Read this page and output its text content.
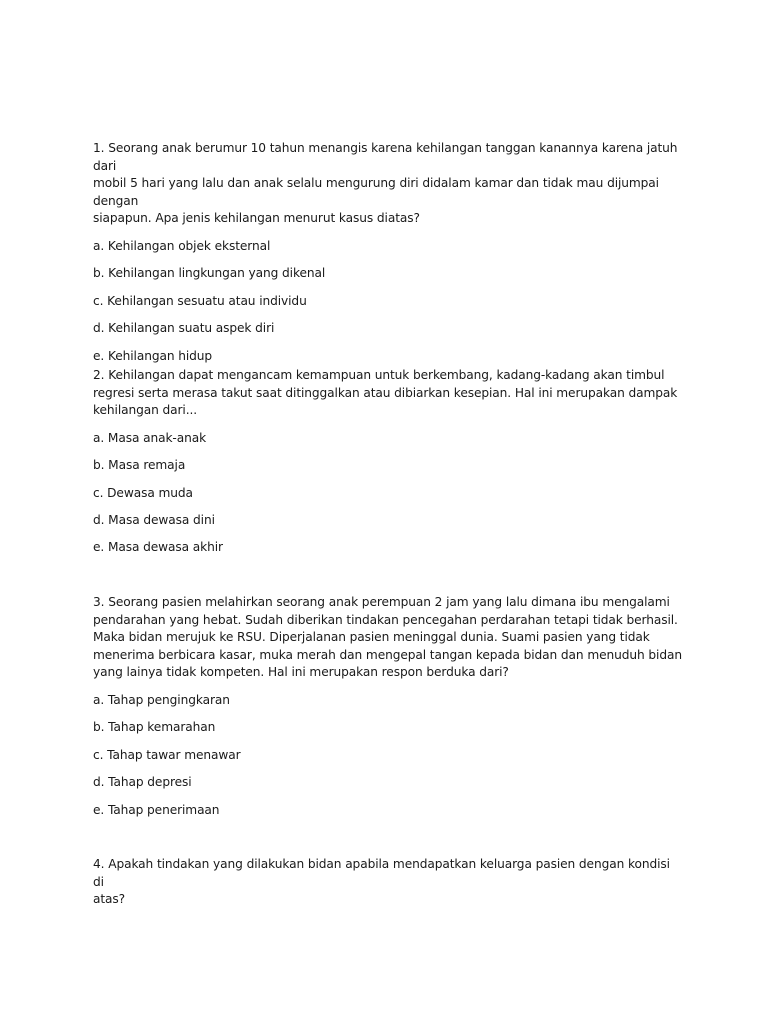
1. Seorang anak berumur 10 tahun menangis karena kehilangan tanggan kanannya karena jatuh dari
mobil 5 hari yang lalu dan anak selalu mengurung diri didalam kamar dan tidak mau dijumpai dengan
siapapun. Apa jenis kehilangan menurut kasus diatas?

a. Kehilangan objek eksternal

b. Kehilangan lingkungan yang dikenal

c. Kehilangan sesuatu atau individu

d. Kehilangan suatu aspek diri

e. Kehilangan hidup

2. Kehilangan dapat mengancam kemampuan untuk berkembang, kadang-kadang akan timbul
regresi serta merasa takut saat ditinggalkan atau dibiarkan kesepian. Hal ini merupakan dampak
kehilangan dari...

a. Masa anak-anak

b. Masa remaja

c. Dewasa muda

d. Masa dewasa dini

e. Masa dewasa akhir

3. Seorang pasien melahirkan seorang anak perempuan 2 jam yang lalu dimana ibu mengalami
pendarahan yang hebat. Sudah diberikan tindakan pencegahan perdarahan tetapi tidak berhasil.
Maka bidan merujuk ke RSU. Diperjalanan pasien meninggal dunia. Suami pasien yang tidak
menerima berbicara kasar, muka merah dan mengepal tangan kepada bidan dan menuduh bidan
yang lainya tidak kompeten. Hal ini merupakan respon berduka dari?

a. Tahap pengingkaran

b. Tahap kemarahan

c. Tahap tawar menawar

d. Tahap depresi

e. Tahap penerimaan

4. Apakah tindakan yang dilakukan bidan apabila mendapatkan keluarga pasien dengan kondisi di
atas?
